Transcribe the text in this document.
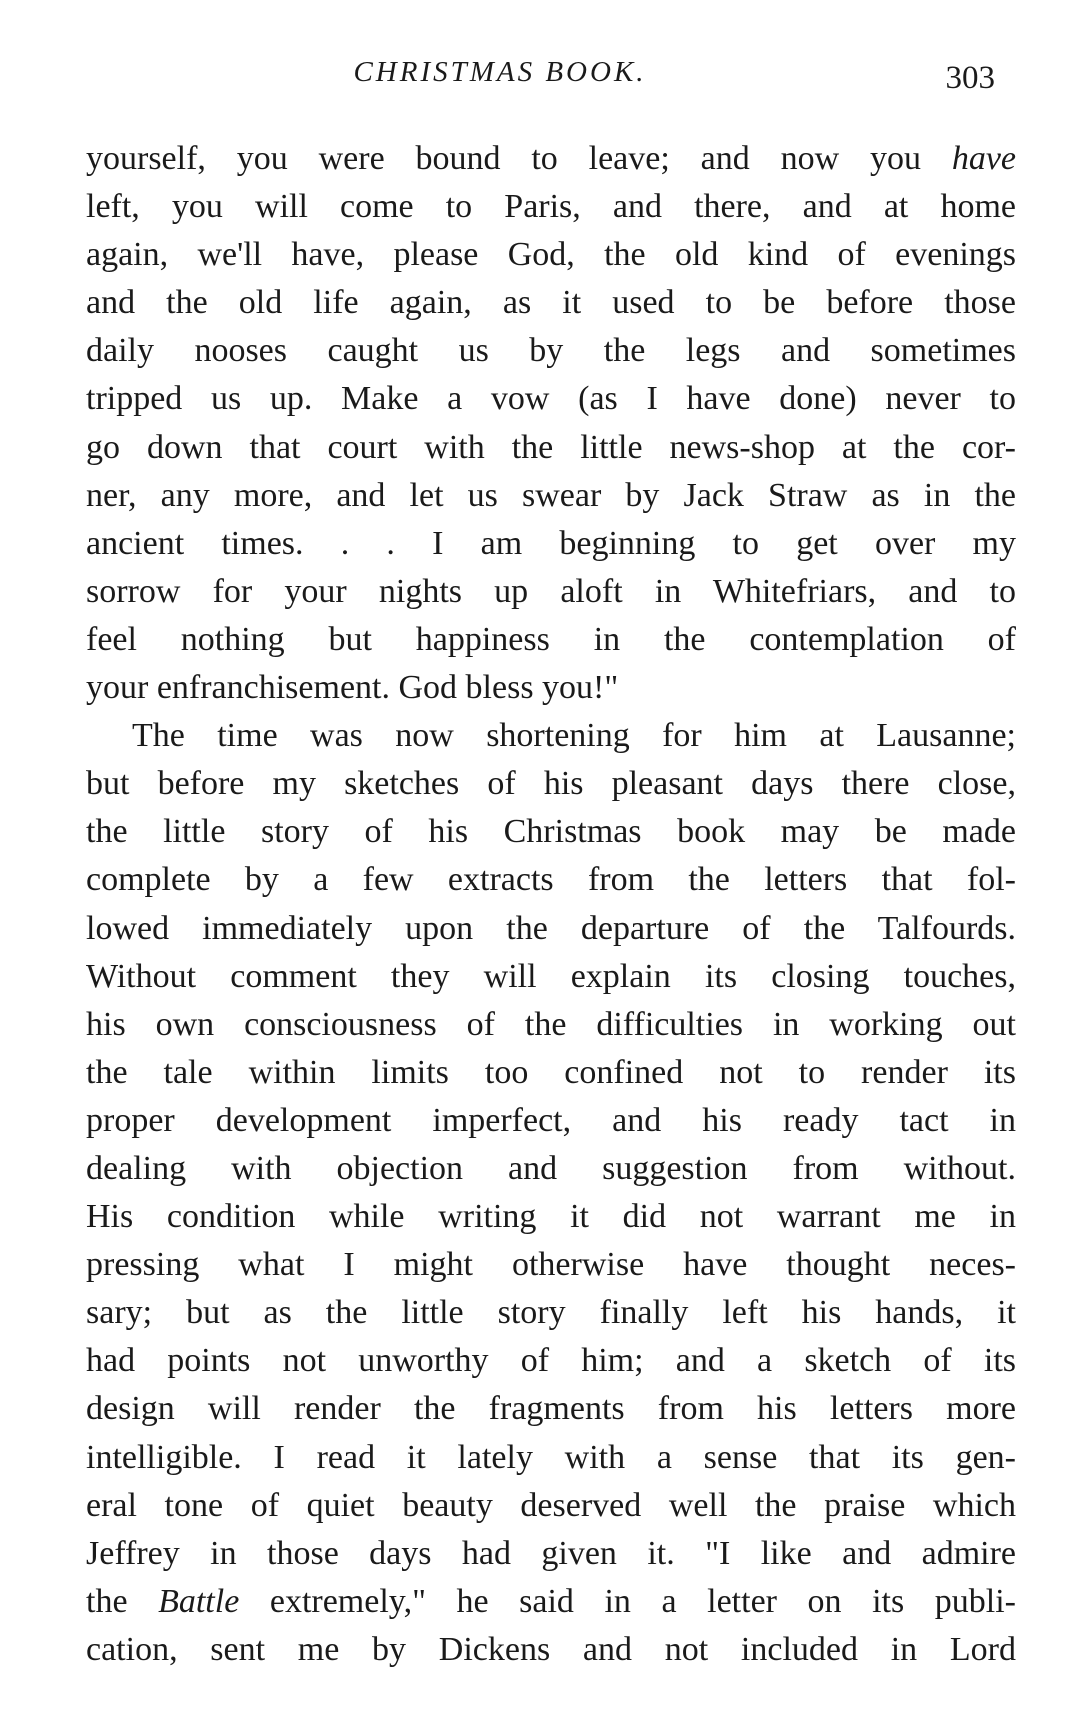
CHRISTMAS BOOK.	303
yourself, you were bound to leave; and now you have
left, you will come to Paris, and there, and at home
again, we'll have, please God, the old kind of evenings
and the old life again, as it used to be before those
daily nooses caught us by the legs and sometimes
tripped us up. Make a vow (as I have done) never to
go down that court with the little news-shop at the cor-
ner, any more, and let us swear by Jack Straw as in the
ancient times. . . I am beginning to get over my
sorrow for your nights up aloft in Whitefriars, and to
feel nothing but happiness in the contemplation of
your enfranchisement. God bless you!"
The time was now shortening for him at Lausanne;
but before my sketches of his pleasant days there close,
the little story of his Christmas book may be made
complete by a few extracts from the letters that fol-
lowed immediately upon the departure of the Talfourds.
Without comment they will explain its closing touches,
his own consciousness of the difficulties in working out
the tale within limits too confined not to render its
proper development imperfect, and his ready tact in
dealing with objection and suggestion from without.
His condition while writing it did not warrant me in
pressing what I might otherwise have thought neces-
sary; but as the little story finally left his hands, it
had points not unworthy of him; and a sketch of its
design will render the fragments from his letters more
intelligible. I read it lately with a sense that its gen-
eral tone of quiet beauty deserved well the praise which
Jeffrey in those days had given it. "I like and admire
the Battle extremely," he said in a letter on its publi-
cation, sent me by Dickens and not included in Lord
